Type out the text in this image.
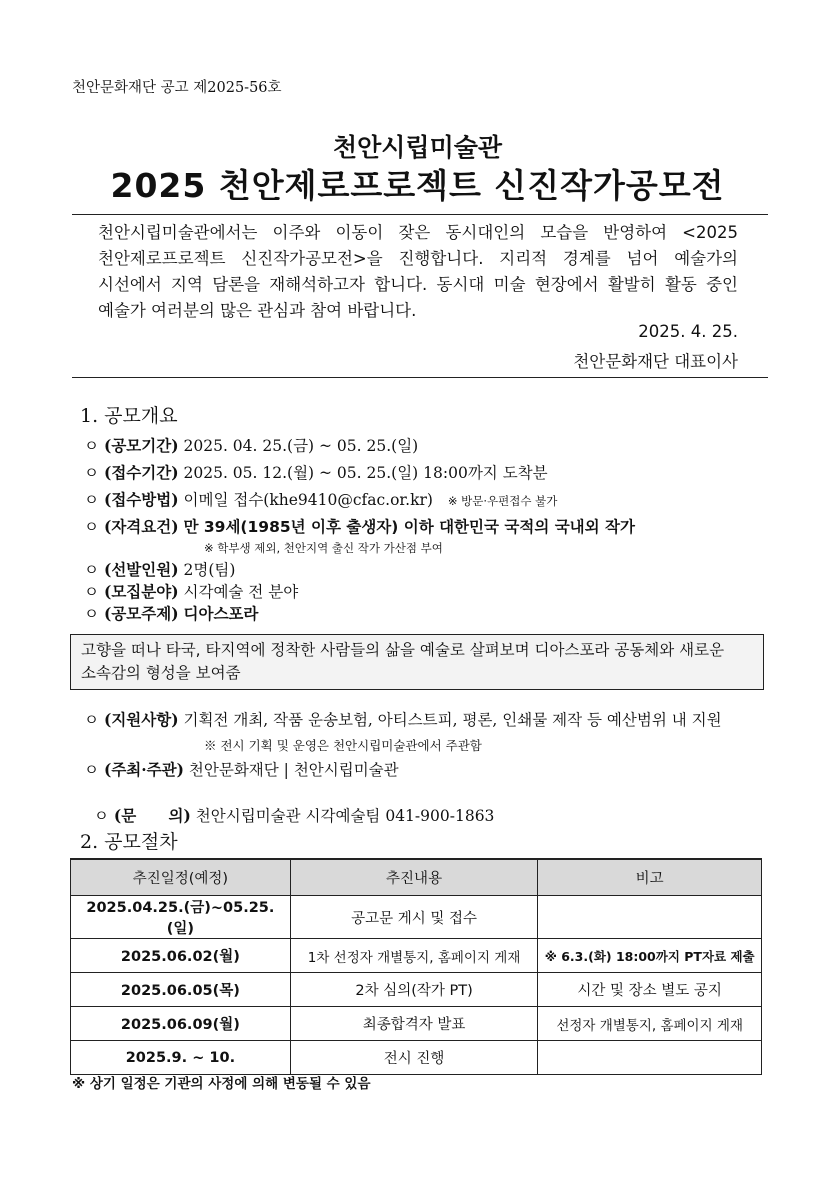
천안문화재단 공고 제2025-56호
천안시립미술관
2025 천안제로프로젝트 신진작가공모전
천안시립미술관에서는 이주와 이동이 잦은 동시대인의 모습을 반영하여 <2025 천안제로프로젝트 신진작가공모전>을 진행합니다. 지리적 경계를 넘어 예술가의 시선에서 지역 담론을 재해석하고자 합니다. 동시대 미술 현장에서 활발히 활동 중인 예술가 여러분의 많은 관심과 참여 바랍니다.
2025. 4. 25.
천안문화재단 대표이사
1. 공모개요
ㅇ (공모기간) 2025. 04. 25.(금) ~ 05. 25.(일)
ㅇ (접수기간) 2025. 05. 12.(월) ~ 05. 25.(일) 18:00까지 도착분
ㅇ (접수방법) 이메일 접수(khe9410@cfac.or.kr) ※ 방문·우편접수 불가
ㅇ (자격요건) 만 39세(1985년 이후 출생자) 이하 대한민국 국적의 국내외 작가
※ 학부생 제외, 천안지역 출신 작가 가산점 부여
ㅇ (선발인원) 2명(팀)
ㅇ (모집분야) 시각예술 전 분야
ㅇ (공모주제) 디아스포라
고향을 떠나 타국, 타지역에 정착한 사람들의 삶을 예술로 살펴보며 디아스포라 공동체와 새로운 소속감의 형성을 보여줌
ㅇ (지원사항) 기획전 개최, 작품 운송보험, 아티스트피, 평론, 인쇄물 제작 등 예산범위 내 지원
※ 전시 기획 및 운영은 천안시립미술관에서 주관함
ㅇ (주최·주관) 천안문화재단 | 천안시립미술관

ㅇ (문      의) 천안시립미술관 시각예술팀 041-900-1863

2. 공모절차
추진일정(예정)	추진내용	비고
2025.04.25.(금)~05.25.(일)	공고문 게시 및 접수	
2025.06.02(월)	1차 선정자 개별통지, 홈페이지 게재	※ 6.3.(화) 18:00까지 PT자료 제출
2025.06.05(목)	2차 심의(작가 PT)	시간 및 장소 별도 공지
2025.06.09(월)	최종합격자 발표	선정자 개별통지, 홈페이지 게재
2025.9. ~ 10.	전시 진행	
※ 상기 일정은 기관의 사정에 의해 변동될 수 있음
